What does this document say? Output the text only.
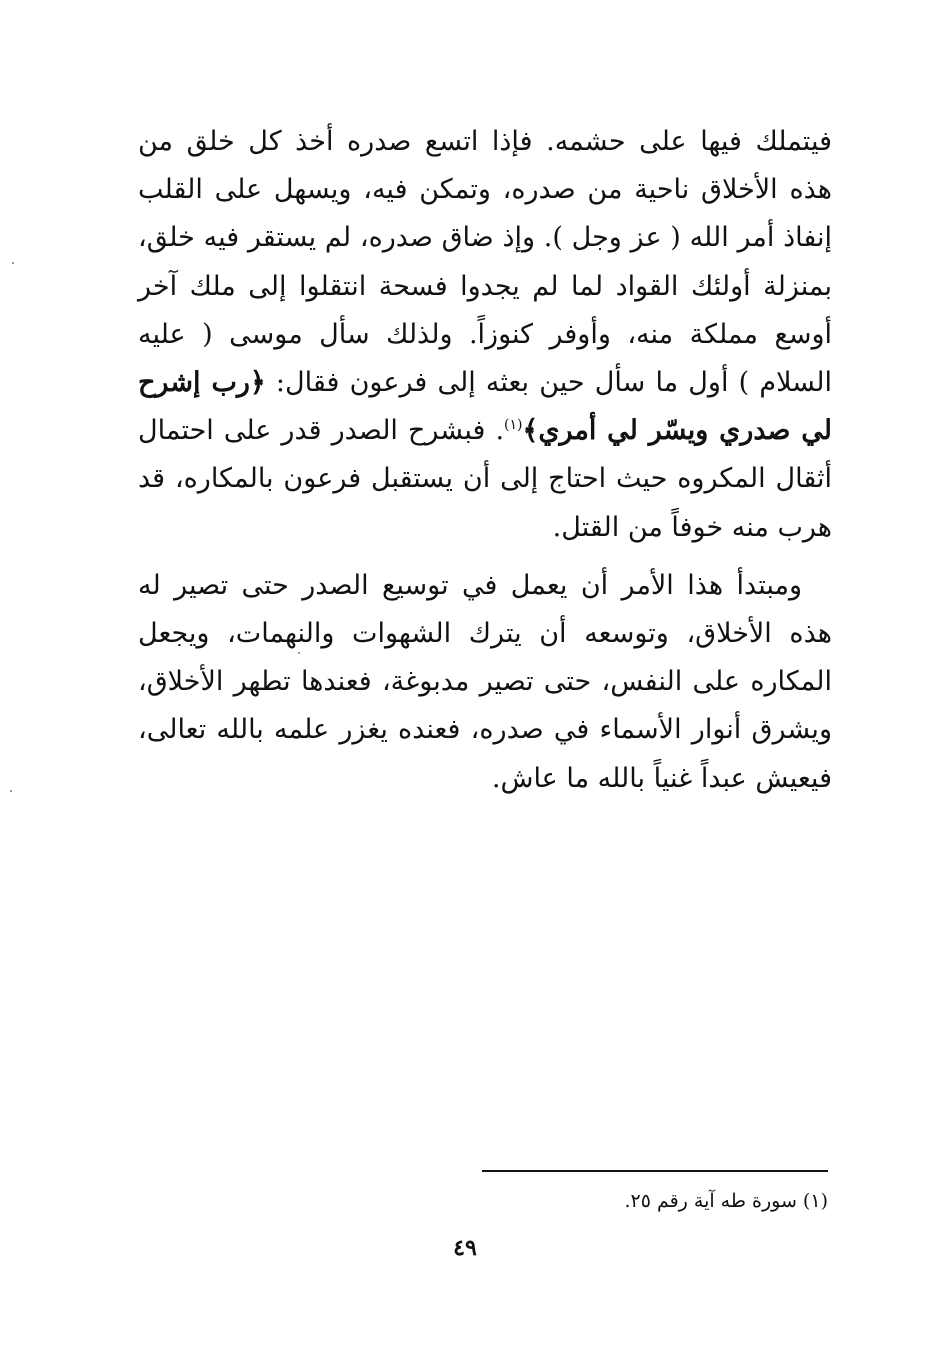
فيتملك فيها على حشمه. فإذا اتسع صدره أخذ كل خلق من هذه الأخلاق ناحية من صدره، وتمكن فيه، ويسهل على القلب إنفاذ أمر الله ( عز وجل ). وإذ ضاق صدره، لم يستقر فيه خلق، بمنزلة أولئك القواد لما لم يجدوا فسحة انتقلوا إلى ملك آخر أوسع مملكة منه، وأوفر كنوزاً. ولذلك سأل موسى ( عليه السلام ) أول ما سأل حين بعثه إلى فرعون فقال: ﴿رب إشرح لي صدري ويسّر لي أمري﴾$^{(١)}$. فبشرح الصدر قدر على احتمال أثقال المكروه حيث احتاج إلى أن يستقبل فرعون بالمكاره، قد هرب منه خوفاً من القتل.

ومبتدأ هذا الأمر أن يعمل في توسيع الصدر حتى تصير له هذه الأخلاق، وتوسعه أن يترك الشهوات والنهمات، ويجعل المكاره على النفس، حتى تصير مدبوغة، فعندها تطهر الأخلاق، ويشرق أنوار الأسماء في صدره، فعنده يغزر علمه بالله تعالى، فيعيش عبداً غنياً بالله ما عاش.

(١) سورة طه آية رقم ٢٥.
٤٩
